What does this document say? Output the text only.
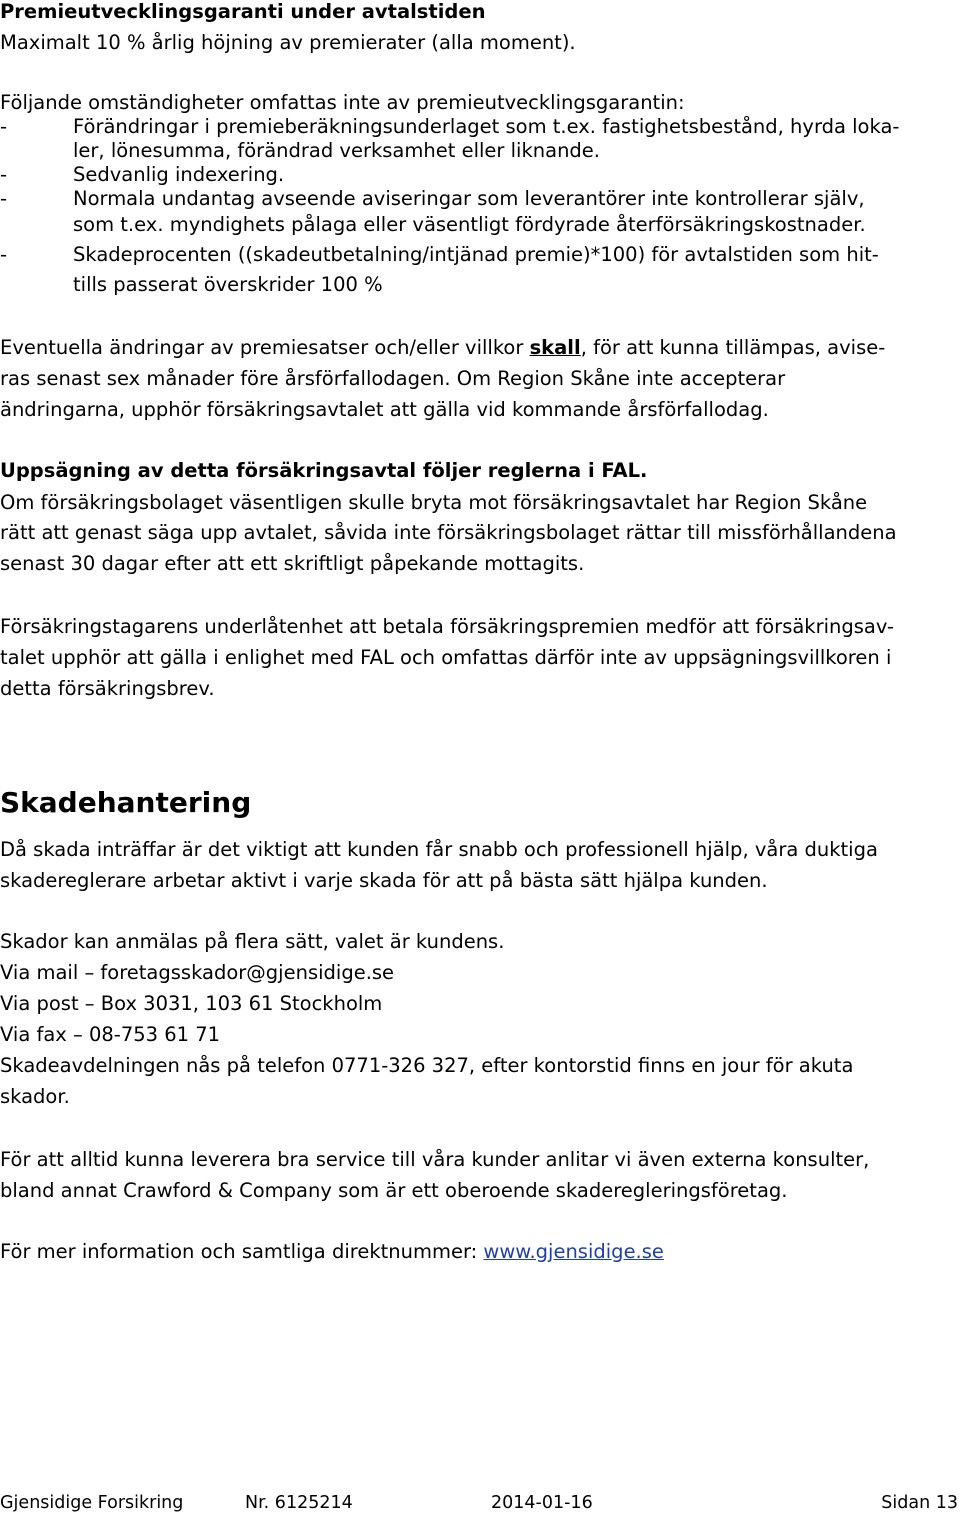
Premieutvecklingsgaranti under avtalstiden

Maximalt 10 % årlig höjning av premierater (alla moment).

Följande omständigheter omfattas inte av premieutvecklingsgarantin:

-	Förändringar i premieberäkningsunderlaget som t.ex. fastighetsbestånd, hyrda loka-

ler, lönesumma, förändrad verksamhet eller liknande.

-	Sedvanlig indexering.

-	Normala undantag avseende aviseringar som leverantörer inte kontrollerar själv,

som t.ex. myndighets pålaga eller väsentligt fördyrade återförsäkringskostnader.

-	Skadeprocenten ((skadeutbetalning/intjänad premie)*100) för avtalstiden som hit-

tills passerat överskrider 100 %

Eventuella ändringar av premiesatser och/eller villkor skall, för att kunna tillämpas, avise-

ras senast sex månader före årsförfallodagen. Om Region Skåne inte accepterar

ändringarna, upphör försäkringsavtalet att gälla vid kommande årsförfallodag.

Uppsägning av detta försäkringsavtal följer reglerna i FAL.

Om försäkringsbolaget väsentligen skulle bryta mot försäkringsavtalet har Region Skåne

rätt att genast säga upp avtalet, såvida inte försäkringsbolaget rättar till missförhållandena

senast 30 dagar efter att ett skriftligt påpekande mottagits.

Försäkringstagarens underlåtenhet att betala försäkringspremien medför att försäkringsav-

talet upphör att gälla i enlighet med FAL och omfattas därför inte av uppsägningsvillkoren i

detta försäkringsbrev.

Skadehantering

Då skada inträffar är det viktigt att kunden får snabb och professionell hjälp, våra duktiga

skadereglerare arbetar aktivt i varje skada för att på bästa sätt hjälpa kunden.

Skador kan anmälas på flera sätt, valet är kundens.

Via mail – foretagsskador@gjensidige.se

Via post – Box 3031, 103 61 Stockholm

Via fax – 08-753 61 71

Skadeavdelningen nås på telefon 0771-326 327, efter kontorstid finns en jour för akuta

skador.

För att alltid kunna leverera bra service till våra kunder anlitar vi även externa konsulter,

bland annat Crawford & Company som är ett oberoende skaderegleringsföretag.

För mer information och samtliga direktnummer: www.gjensidige.se

Gjensidige Forsikring	Nr. 6125214	2014-01-16	Sidan 13
